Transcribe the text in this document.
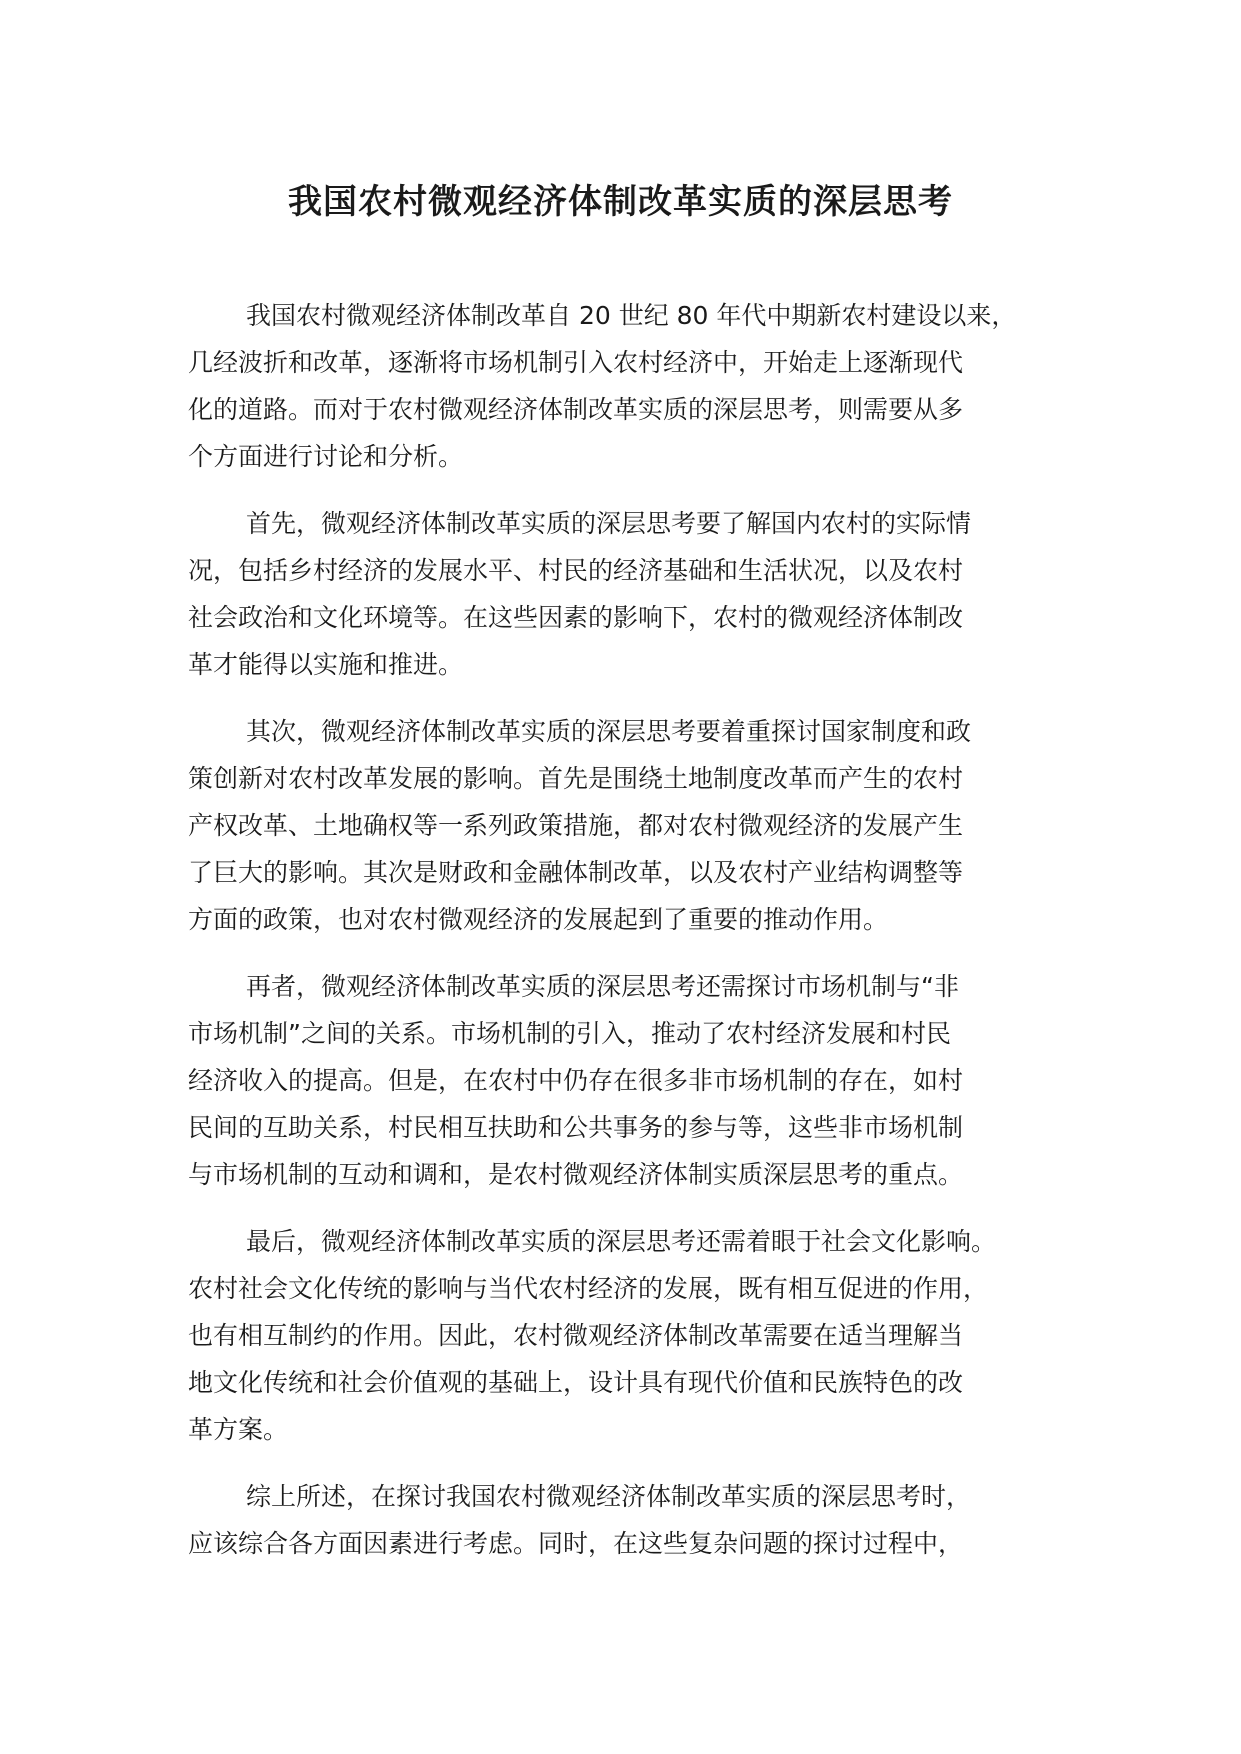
我国农村微观经济体制改革实质的深层思考

我国农村微观经济体制改革自 20 世纪 80 年代中期新农村建设以来，
几经波折和改革，逐渐将市场机制引入农村经济中，开始走上逐渐现代
化的道路。而对于农村微观经济体制改革实质的深层思考，则需要从多
个方面进行讨论和分析。

首先，微观经济体制改革实质的深层思考要了解国内农村的实际情
况，包括乡村经济的发展水平、村民的经济基础和生活状况，以及农村
社会政治和文化环境等。在这些因素的影响下，农村的微观经济体制改
革才能得以实施和推进。

其次，微观经济体制改革实质的深层思考要着重探讨国家制度和政
策创新对农村改革发展的影响。首先是围绕土地制度改革而产生的农村
产权改革、土地确权等一系列政策措施，都对农村微观经济的发展产生
了巨大的影响。其次是财政和金融体制改革，以及农村产业结构调整等
方面的政策，也对农村微观经济的发展起到了重要的推动作用。

再者，微观经济体制改革实质的深层思考还需探讨市场机制与“非
市场机制”之间的关系。市场机制的引入，推动了农村经济发展和村民
经济收入的提高。但是，在农村中仍存在很多非市场机制的存在，如村
民间的互助关系，村民相互扶助和公共事务的参与等，这些非市场机制
与市场机制的互动和调和，是农村微观经济体制实质深层思考的重点。

最后，微观经济体制改革实质的深层思考还需着眼于社会文化影响。
农村社会文化传统的影响与当代农村经济的发展，既有相互促进的作用，
也有相互制约的作用。因此，农村微观经济体制改革需要在适当理解当
地文化传统和社会价值观的基础上，设计具有现代价值和民族特色的改
革方案。

综上所述，在探讨我国农村微观经济体制改革实质的深层思考时，
应该综合各方面因素进行考虑。同时，在这些复杂问题的探讨过程中，
